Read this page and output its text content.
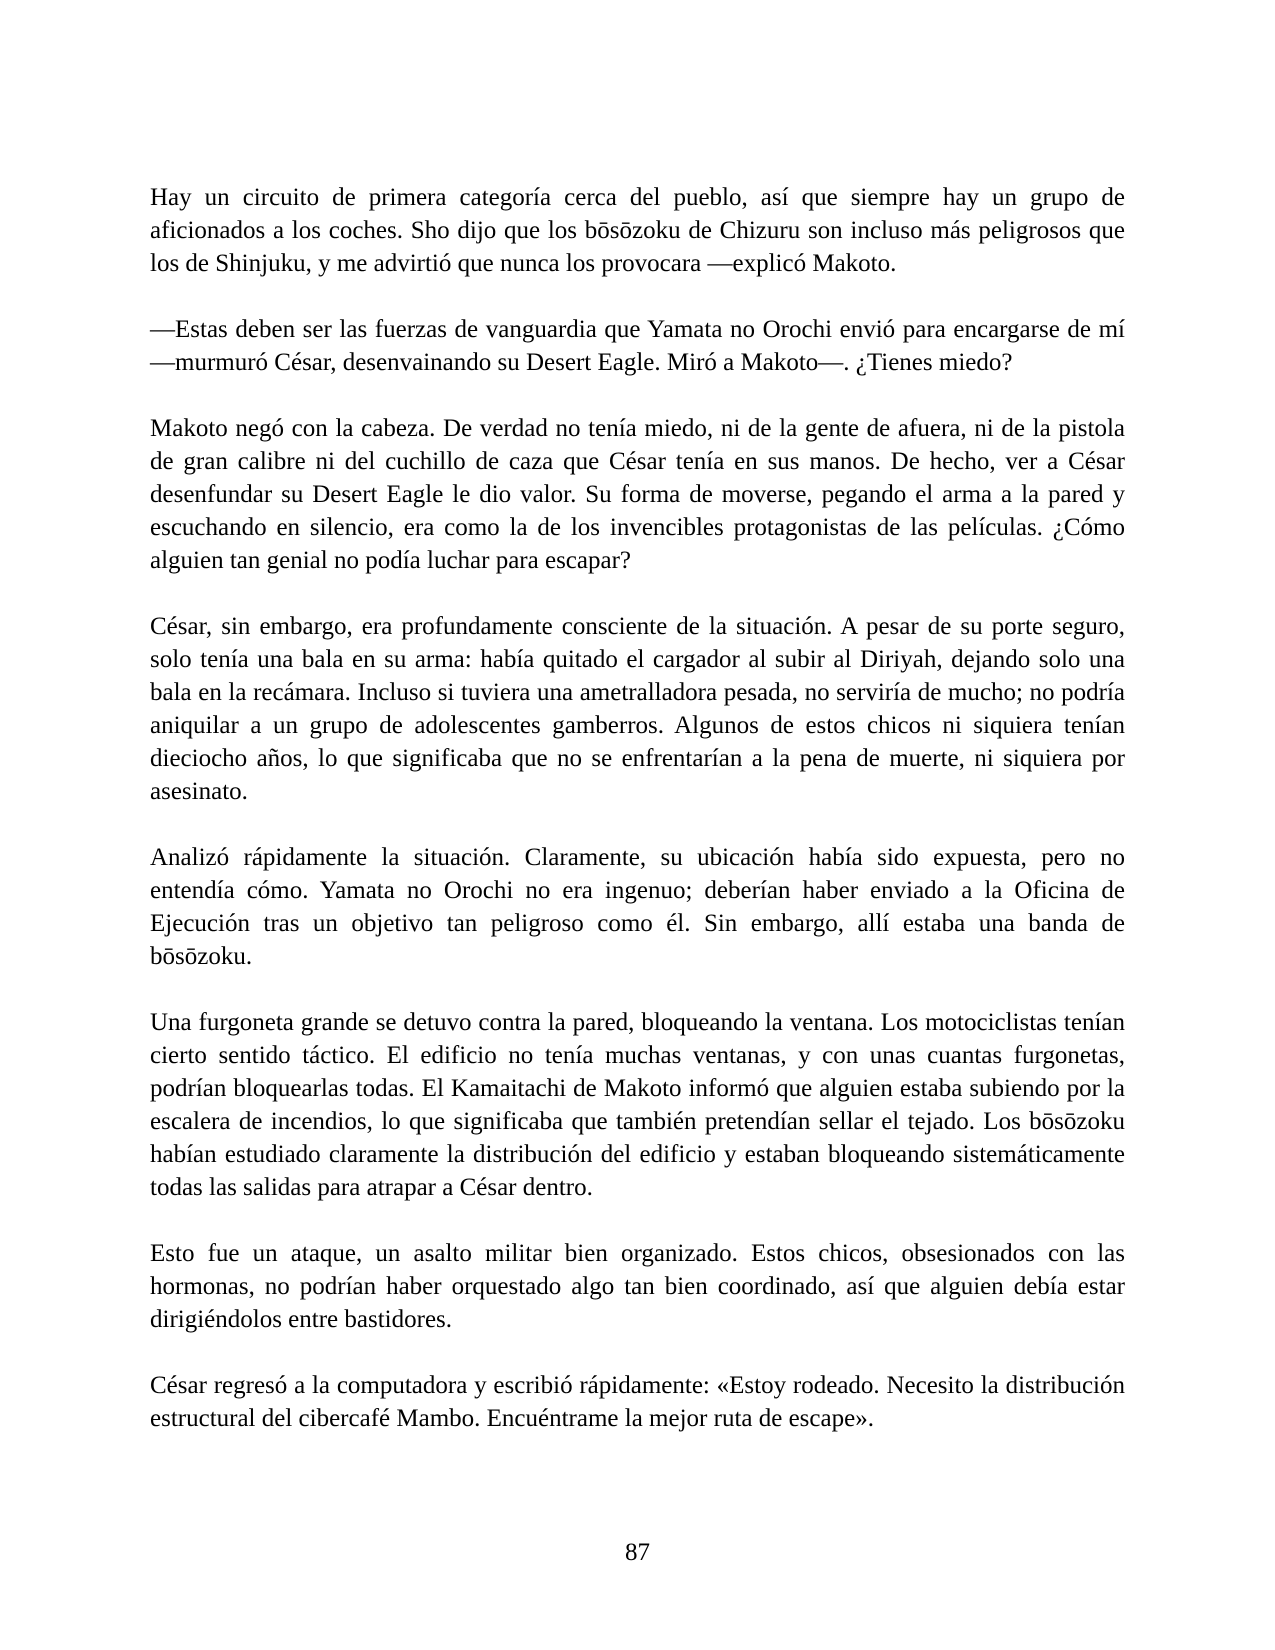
Hay un circuito de primera categoría cerca del pueblo, así que siempre hay un grupo de aficionados a los coches. Sho dijo que los bōsōzoku de Chizuru son incluso más peligrosos que los de Shinjuku, y me advirtió que nunca los provocara —explicó Makoto.

—Estas deben ser las fuerzas de vanguardia que Yamata no Orochi envió para encargarse de mí —murmuró César, desenvainando su Desert Eagle. Miró a Makoto—. ¿Tienes miedo?

Makoto negó con la cabeza. De verdad no tenía miedo, ni de la gente de afuera, ni de la pistola de gran calibre ni del cuchillo de caza que César tenía en sus manos. De hecho, ver a César desenfundar su Desert Eagle le dio valor. Su forma de moverse, pegando el arma a la pared y escuchando en silencio, era como la de los invencibles protagonistas de las películas. ¿Cómo alguien tan genial no podía luchar para escapar?

César, sin embargo, era profundamente consciente de la situación. A pesar de su porte seguro, solo tenía una bala en su arma: había quitado el cargador al subir al Diriyah, dejando solo una bala en la recámara. Incluso si tuviera una ametralladora pesada, no serviría de mucho; no podría aniquilar a un grupo de adolescentes gamberros. Algunos de estos chicos ni siquiera tenían dieciocho años, lo que significaba que no se enfrentarían a la pena de muerte, ni siquiera por asesinato.

Analizó rápidamente la situación. Claramente, su ubicación había sido expuesta, pero no entendía cómo. Yamata no Orochi no era ingenuo; deberían haber enviado a la Oficina de Ejecución tras un objetivo tan peligroso como él. Sin embargo, allí estaba una banda de bōsōzoku.

Una furgoneta grande se detuvo contra la pared, bloqueando la ventana. Los motociclistas tenían cierto sentido táctico. El edificio no tenía muchas ventanas, y con unas cuantas furgonetas, podrían bloquearlas todas. El Kamaitachi de Makoto informó que alguien estaba subiendo por la escalera de incendios, lo que significaba que también pretendían sellar el tejado. Los bōsōzoku habían estudiado claramente la distribución del edificio y estaban bloqueando sistemáticamente todas las salidas para atrapar a César dentro.

Esto fue un ataque, un asalto militar bien organizado. Estos chicos, obsesionados con las hormonas, no podrían haber orquestado algo tan bien coordinado, así que alguien debía estar dirigiéndolos entre bastidores.

César regresó a la computadora y escribió rápidamente: «Estoy rodeado. Necesito la distribución estructural del cibercafé Mambo. Encuéntrame la mejor ruta de escape».

87
